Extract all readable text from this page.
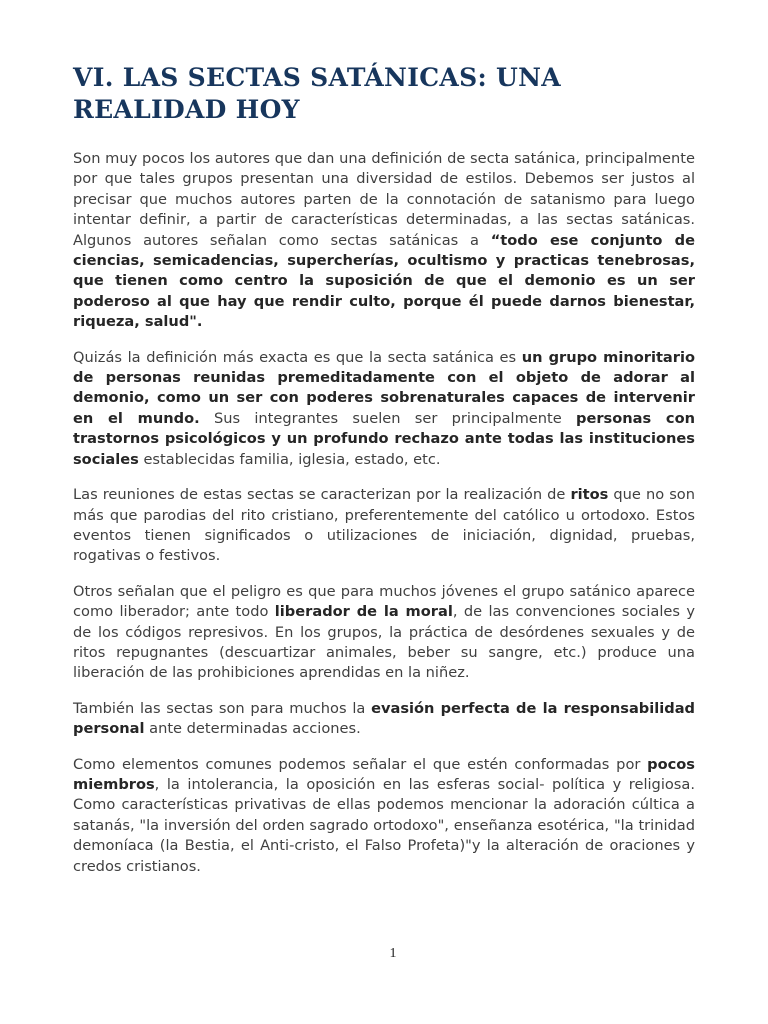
VI. LAS SECTAS SATÁNICAS: UNA REALIDAD HOY

Son muy pocos los autores que dan una definición de secta satánica, principalmente por que tales grupos presentan una diversidad de estilos. Debemos ser justos al precisar que muchos autores parten de la connotación de satanismo para luego intentar definir, a partir de características determinadas, a las sectas satánicas. Algunos autores señalan como sectas satánicas a “todo ese conjunto de ciencias, semicadencias, supercherías, ocultismo y practicas tenebrosas, que tienen como centro la suposición de que el demonio es un ser poderoso al que hay que rendir culto, porque él puede darnos bienestar, riqueza, salud".

Quizás la definición más exacta es que la secta satánica es un grupo minoritario de personas reunidas premeditadamente con el objeto de adorar al demonio, como un ser con poderes sobrenaturales capaces de intervenir en el mundo. Sus integrantes suelen ser principalmente personas con trastornos psicológicos y un profundo rechazo ante todas las instituciones sociales establecidas familia, iglesia, estado, etc.

Las reuniones de estas sectas se caracterizan por la realización de ritos que no son más que parodias del rito cristiano, preferentemente del católico u ortodoxo. Estos eventos tienen significados o utilizaciones de iniciación, dignidad, pruebas, rogativas o festivos.

Otros señalan que el peligro es que para muchos jóvenes el grupo satánico aparece como liberador; ante todo liberador de la moral, de las convenciones sociales y de los códigos represivos. En los grupos, la práctica de desórdenes sexuales y de ritos repugnantes (descuartizar animales, beber su sangre, etc.) produce una liberación de las prohibiciones aprendidas en la niñez.

También las sectas son para muchos la evasión perfecta de la responsabilidad personal ante determinadas acciones.

Como elementos comunes podemos señalar el que estén conformadas por pocos miembros, la intolerancia, la oposición en las esferas social- política y religiosa. Como características privativas de ellas podemos mencionar la adoración cúltica a satanás, "la inversión del orden sagrado ortodoxo", enseñanza esotérica, "la trinidad demoníaca (la Bestia, el Anti-cristo, el Falso Profeta)"y la alteración de oraciones y credos cristianos.

1
